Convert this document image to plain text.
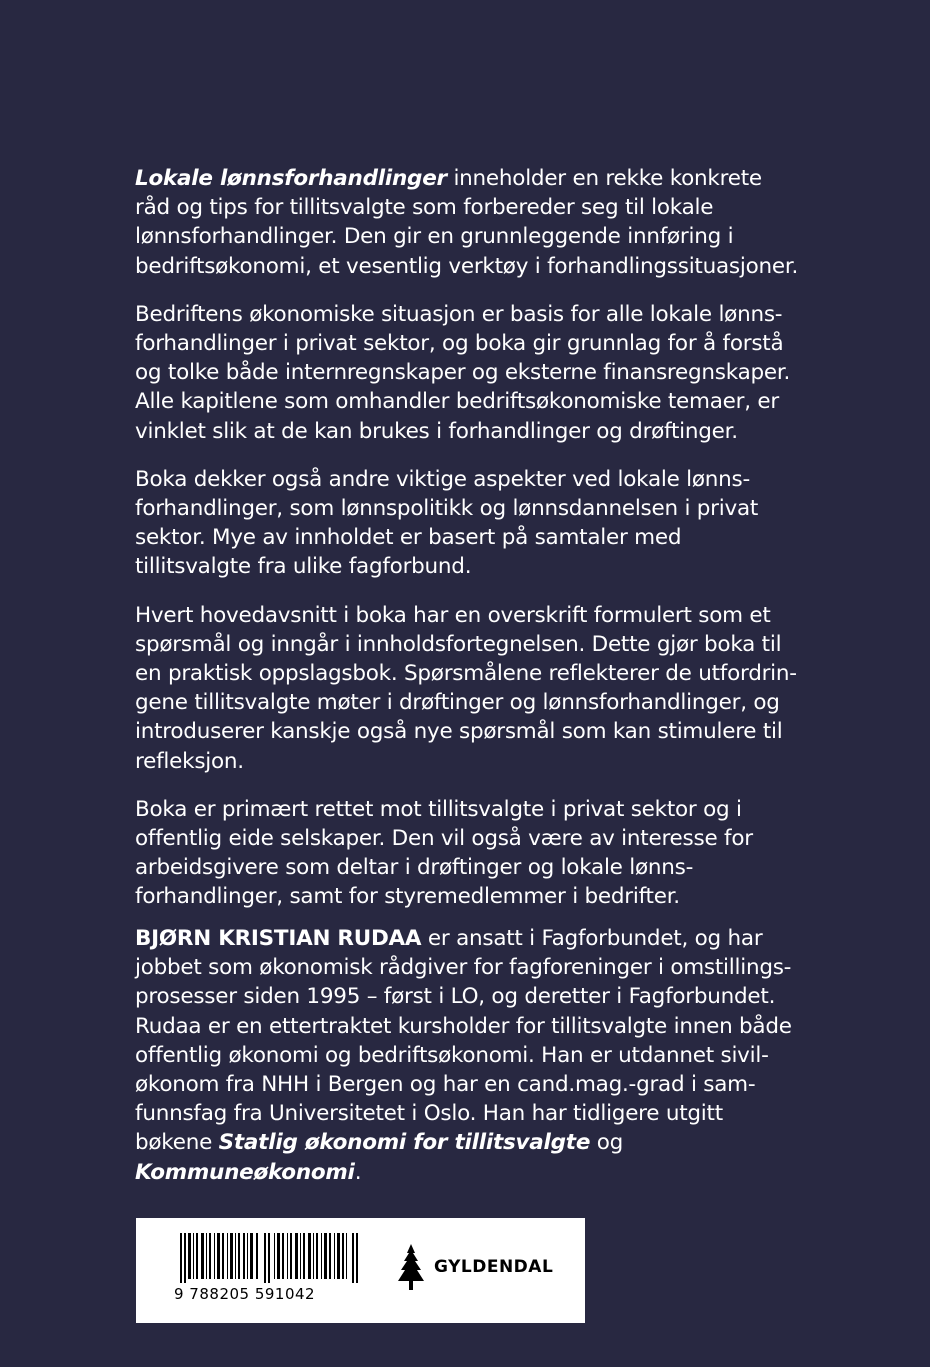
Lokale lønnsforhandlinger inneholder en rekke konkrete råd og tips for tillitsvalgte som forbereder seg til lokale lønnsforhandlinger. Den gir en grunnleggende innføring i bedriftsøkonomi, et vesentlig verktøy i forhandlingssituasjoner.

Bedriftens økonomiske situasjon er basis for alle lokale lønnsforhandlinger i privat sektor, og boka gir grunnlag for å forstå og tolke både internregnskaper og eksterne finansregnskaper. Alle kapitlene som omhandler bedriftsøkonomiske temaer, er vinklet slik at de kan brukes i forhandlinger og drøftinger.

Boka dekker også andre viktige aspekter ved lokale lønnsforhandlinger, som lønnspolitikk og lønnsdannelsen i privat sektor. Mye av innholdet er basert på samtaler med tillitsvalgte fra ulike fagforbund.

Hvert hovedavsnitt i boka har en overskrift formulert som et spørsmål og inngår i innholdsfortegnelsen. Dette gjør boka til en praktisk oppslagsbok. Spørsmålene reflekterer de utfordringene tillitsvalgte møter i drøftinger og lønnsforhandlinger, og introduserer kanskje også nye spørsmål som kan stimulere til refleksjon.

Boka er primært rettet mot tillitsvalgte i privat sektor og i offentlig eide selskaper. Den vil også være av interesse for arbeidsgivere som deltar i drøftinger og lokale lønnsforhandlinger, samt for styremedlemmer i bedrifter.

BJØRN KRISTIAN RUDAA er ansatt i Fagforbundet, og har jobbet som økonomisk rådgiver for fagforeninger i omstillingsprosesser siden 1995 – først i LO, og deretter i Fagforbundet. Rudaa er en ettertraktet kursholder for tillitsvalgte innen både offentlig økonomi og bedriftsøkonomi. Han er utdannet siviløkonom fra NHH i Bergen og har en cand.mag.-grad i samfunnsfag fra Universitetet i Oslo. Han har tidligere utgitt bøkene Statlig økonomi for tillitsvalgte og Kommuneøkonomi.

9 788205 591042
GYLDENDAL
